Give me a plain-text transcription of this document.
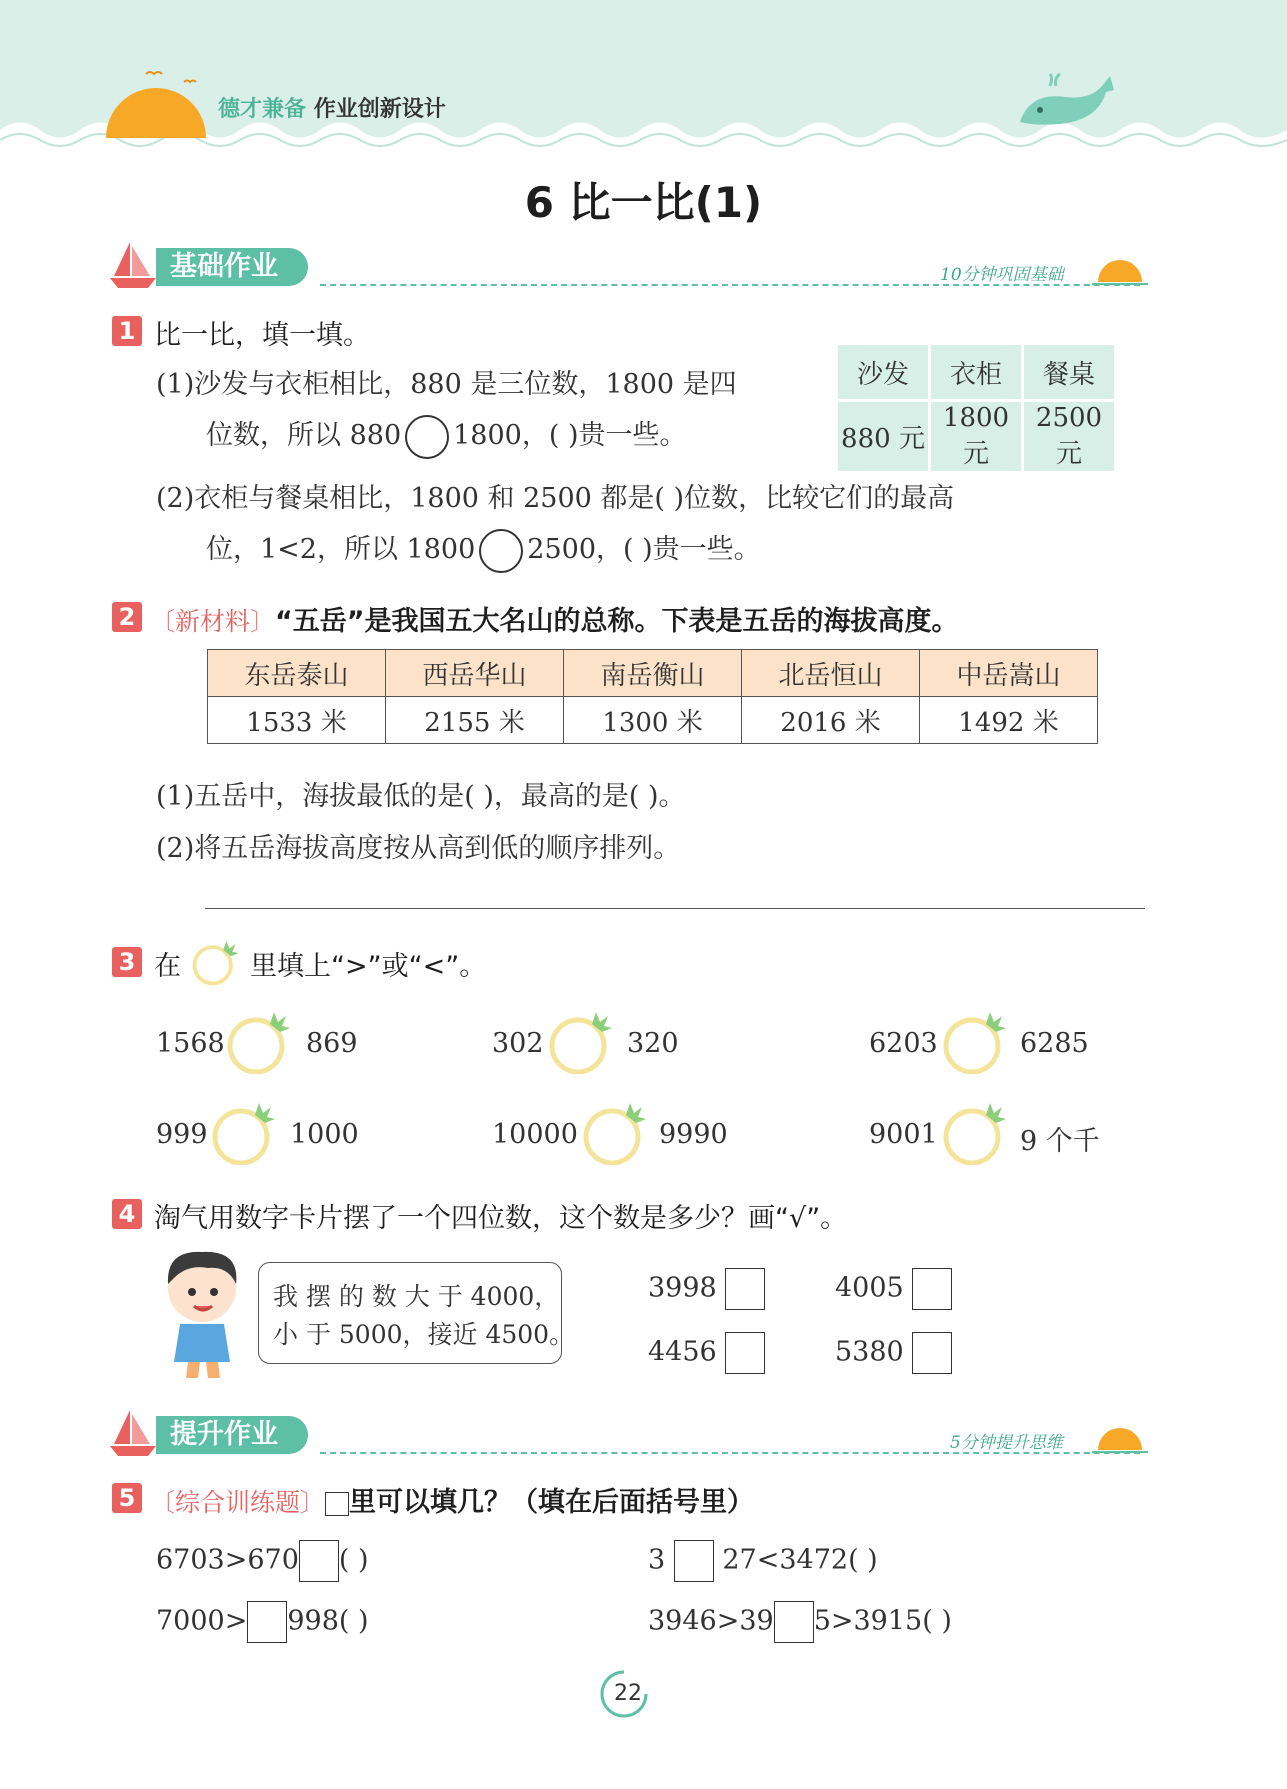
德才兼备 作业创新设计
6 比一比(1)
基础作业	10分钟巩固基础
1 比一比，填一填。
(1)沙发与衣柜相比，880 是三位数，1800 是四
位数，所以 880 1800，( )贵一些。
(2)衣柜与餐桌相比，1800 和 2500 都是( )位数，比较它们的最高
位，1<2，所以 1800 2500，( )贵一些。
沙发	衣柜	餐桌
880 元	1800 元	2500 元
2 〔新材料〕“五岳”是我国五大名山的总称。下表是五岳的海拔高度。
东岳泰山	西岳华山	南岳衡山	北岳恒山	中岳嵩山
1533 米	2155 米	1300 米	2016 米	1492 米
(1)五岳中，海拔最低的是( )，最高的是( )。
(2)将五岳海拔高度按从高到低的顺序排列。
3 在	里填上“>”或“<”。
1568	869	302	320	6203	6285
999	1000	10000	9990	9001	9 个千
4 淘气用数字卡片摆了一个四位数，这个数是多少？画“√”。
我 摆 的 数 大 于 4000，
小 于 5000，接近 4500。
3998	4005
4456	5380
提升作业	5分钟提升思维
5 〔综合训练题〕 里可以填几？（填在后面括号里）
6703>670 ( )	3 27<3472( )
7000> 998( )	3946>39 5>3915( )
22
